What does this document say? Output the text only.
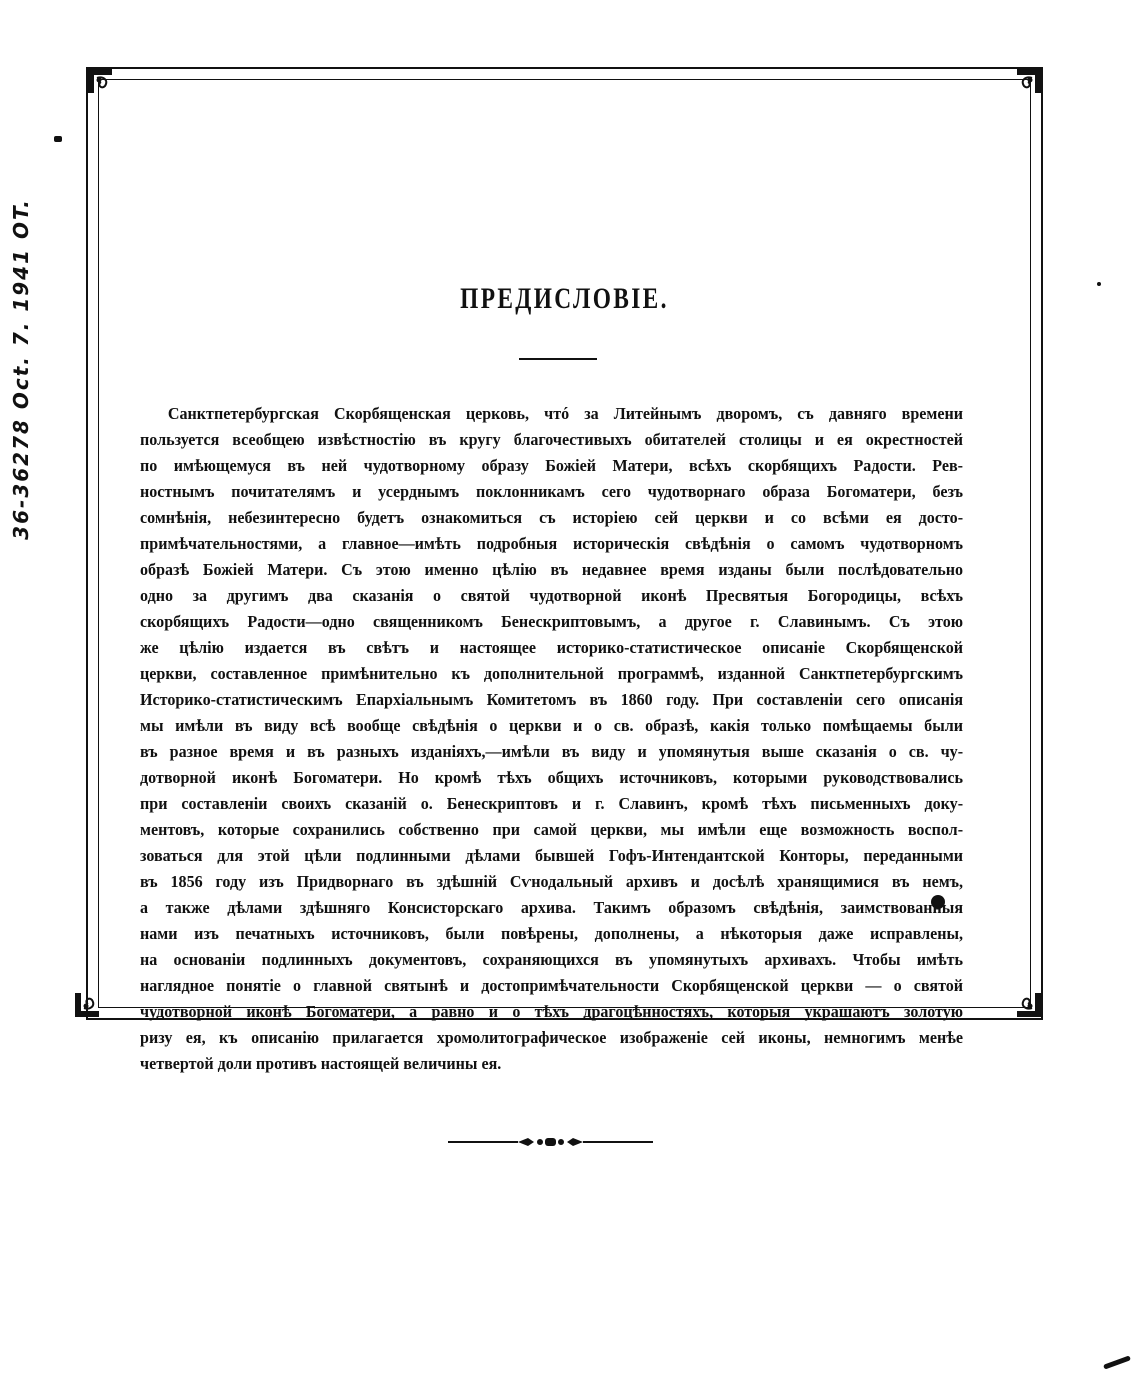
36-36278 Oct. 7. 1941 OT.	ПРЕДИСЛОВІЕ.
Санктпетербургская Скорбященская церковь, чтó за Литейнымъ дворомъ, съ давняго времени
пользуется всеобщею извѣстностію въ кругу благочестивыхъ обитателей столицы и ея окрестностей
по имѣющемуся въ ней чудотворному образу Божіей Матери, всѣхъ скорбящихъ Радости. Рев-
ностнымъ почитателямъ и усерднымъ поклонникамъ сего чудотворнаго образа Богоматери, безъ
сомнѣнія, небезинтересно будетъ ознакомиться съ исторіею сей церкви и со всѣми ея досто-
примѣчательностями, а главное—имѣть подробныя историческія свѣдѣнія о самомъ чудотворномъ
образѣ Божіей Матери. Съ этою именно цѣлію въ недавнее время изданы были послѣдовательно
одно за другимъ два сказанія о святой чудотворной иконѣ Пресвятыя Богородицы, всѣхъ
скорбящихъ Радости—одно священникомъ Бенескриптовымъ, а другое г. Славинымъ. Съ этою
же цѣлію издается въ свѣтъ и настоящее историко-статистическое описаніе Скорбященской
церкви, составленное примѣнительно къ дополнительной программѣ, изданной Санктпетербургскимъ
Историко-статистическимъ Епархіальнымъ Комитетомъ въ 1860 году. При составленіи сего описанія
мы имѣли въ виду всѣ вообще свѣдѣнія о церкви и о св. образѣ, какія только помѣщаемы были
въ разное время и въ разныхъ изданіяхъ,—имѣли въ виду и упомянутыя выше сказанія о св. чу-
дотворной иконѣ Богоматери. Но кромѣ тѣхъ общихъ источниковъ, которыми руководствовались
при составленіи своихъ сказаній о. Бенескриптовъ и г. Славинъ, кромѣ тѣхъ письменныхъ доку-
ментовъ, которые сохранились собственно при самой церкви, мы имѣли еще возможность воспол-
зоваться для этой цѣли подлинными дѣлами бывшей Гофъ-Интендантской Конторы, переданными
въ 1856 году изъ Придворнаго въ здѣшній Сѵнодальный архивъ и досѣлѣ хранящимися въ немъ,
а также дѣлами здѣшняго Консисторскаго архива. Такимъ образомъ свѣдѣнія, заимствованныя
нами изъ печатныхъ источниковъ, были повѣрены, дополнены, а нѣкоторыя даже исправлены,
на основаніи подлинныхъ документовъ, сохраняющихся въ упомянутыхъ архивахъ. Чтобы имѣть
наглядное понятіе о главной святынѣ и достопримѣчательности Скорбященской церкви — о святой
чудотворной иконѣ Богоматери, а равно и о тѣхъ драгоцѣнностяхъ, которыя украшаютъ золотую
ризу ея, къ описанію прилагается хромолитографическое изображеніе сей иконы, немногимъ менѣе
четвертой доли противъ настоящей величины ея.
